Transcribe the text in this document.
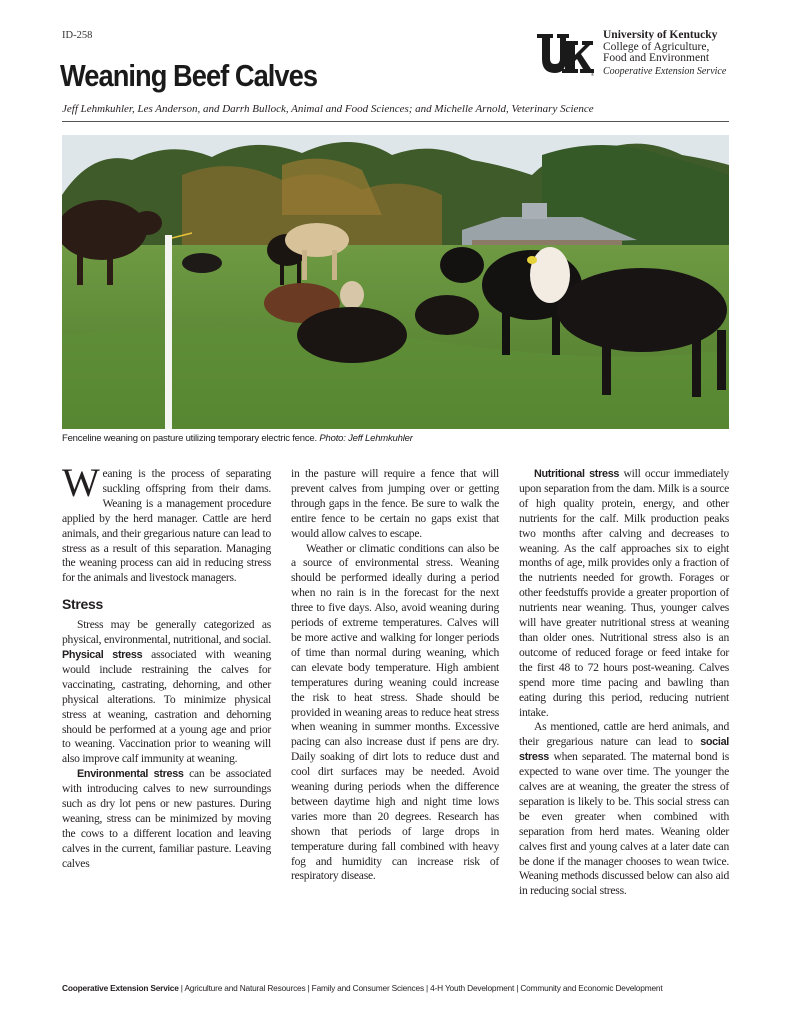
ID-258
Weaning Beef Calves
Jeff Lehmkuhler, Les Anderson, and Darrh Bullock, Animal and Food Sciences; and Michelle Arnold, Veterinary Science
®
University of Kentucky
College of Agriculture,
Food and Environment
Cooperative Extension Service
Fenceline weaning on pasture utilizing temporary electric fence. Photo: Jeff Lehmkuhler

Weaning is the process of separating suckling offspring from their dams. Weaning is a management procedure applied by the herd manager. Cattle are herd animals, and their gregarious nature can lead to stress as a result of this separation. Managing the weaning process can aid in reducing stress for the animals and livestock managers.

Stress

Stress may be generally categorized as physical, environmental, nutritional, and social. Physical stress associated with weaning would include restraining the calves for vaccinating, castrating, dehorning, and other physical alterations. To minimize physical stress at weaning, castration and dehorning should be performed at a young age and prior to weaning. Vaccination prior to weaning will also improve calf immunity at weaning.

Environmental stress can be associated with introducing calves to new surroundings such as dry lot pens or new pastures. During weaning, stress can be minimized by moving the cows to a different location and leaving calves in the current, familiar pasture. Leaving calves

in the pasture will require a fence that will prevent calves from jumping over or getting through gaps in the fence. Be sure to walk the entire fence to be certain no gaps exist that would allow calves to escape.

Weather or climatic conditions can also be a source of environmental stress. Weaning should be performed ideally during a period when no rain is in the forecast for the next three to five days. Also, avoid weaning during periods of extreme temperatures. Calves will be more active and walking for longer periods of time than normal during weaning, which can elevate body temperature. High ambient temperatures during weaning could increase the risk to heat stress. Shade should be provided in weaning areas to reduce heat stress when weaning in summer months. Excessive pacing can also increase dust if pens are dry. Daily soaking of dirt lots to reduce dust and cool dirt surfaces may be needed. Avoid weaning during periods when the difference between daytime high and night time lows varies more than 20 degrees. Research has shown that periods of large drops in temperature during fall combined with heavy fog and humidity can increase risk of respiratory disease.

Nutritional stress will occur immediately upon separation from the dam. Milk is a source of high quality protein, energy, and other nutrients for the calf. Milk production peaks two months after calving and decreases to weaning. As the calf approaches six to eight months of age, milk provides only a fraction of the nutrients needed for growth. Forages or other feedstuffs provide a greater proportion of nutrients near weaning. Thus, younger calves will have greater nutritional stress at weaning than older ones. Nutritional stress also is an outcome of reduced forage or feed intake for the first 48 to 72 hours post-weaning. Calves spend more time pacing and bawling than eating during this period, reducing nutrient intake.

As mentioned, cattle are herd animals, and their gregarious nature can lead to social stress when separated. The maternal bond is expected to wane over time. The younger the calves are at weaning, the greater the stress of separation is likely to be. This social stress can be even greater when combined with separation from herd mates. Weaning older calves first and young calves at a later date can be done if the manager chooses to wean twice. Weaning methods discussed below can also aid in reducing social stress.

Cooperative Extension Service | Agriculture and Natural Resources | Family and Consumer Sciences | 4-H Youth Development | Community and Economic Development
